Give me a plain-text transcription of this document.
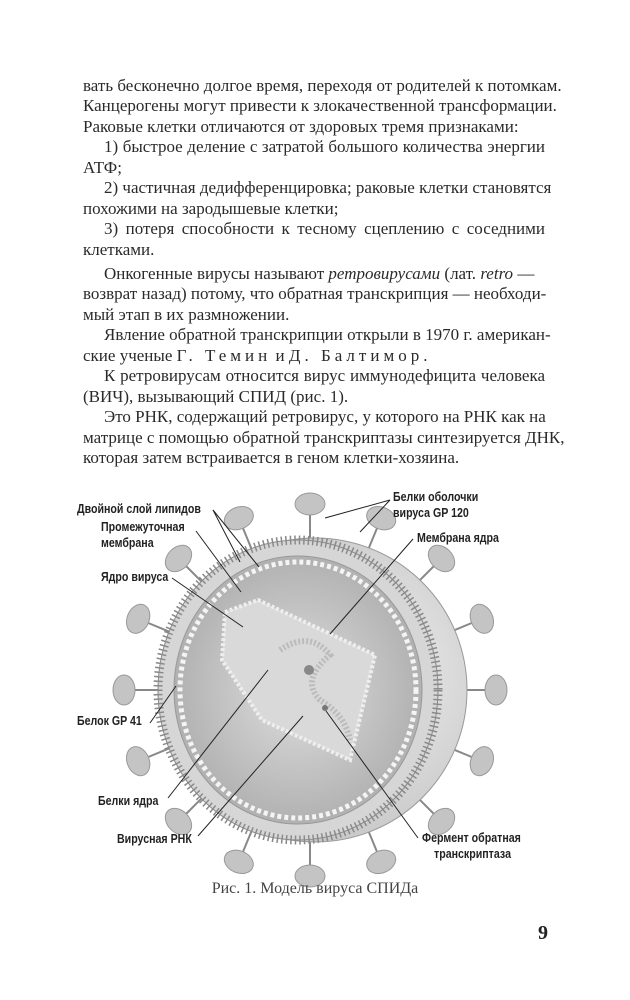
вать бесконечно долгое время, переходя от родителей к потомкам.
Канцерогены могут привести к злокачественной трансформации.
Раковые клетки отличаются от здоровых тремя признаками:
1) быстрое деление с затратой большого количества энергии
АТФ;
2) частичная дедифференцировка; раковые клетки становятся
похожими на зародышевые клетки;
3) потеря способности к тесному сцеплению с соседними
клетками.
Онкогенные вирусы называют ретровирусами (лат. retro —
возврат назад) потому, что обратная транскрипция — необходи-
мый этап в их размножении.
Явление обратной транскрипции открыли в 1970 г. американ-
ские ученые Г. Темин и Д. Балтимор.
К ретровирусам относится вирус иммунодефицита человека
(ВИЧ), вызывающий СПИД (рис. 1).
Это РНК, содержащий ретровирус, у которого на РНК как на
матрице с помощью обратной транскриптазы синтезируется ДНК,
которая затем встраивается в геном клетки-хозяина.
Двойной слой липидов
Промежуточная
мембрана
Ядро вируса
Белок GP 41
Белки ядра
Вирусная РНК
Белки оболочки
вируса GP 120
Мембрана ядра
Фермент обратная
транскриптаза
Рис. 1. Модель вируса СПИДа
9
